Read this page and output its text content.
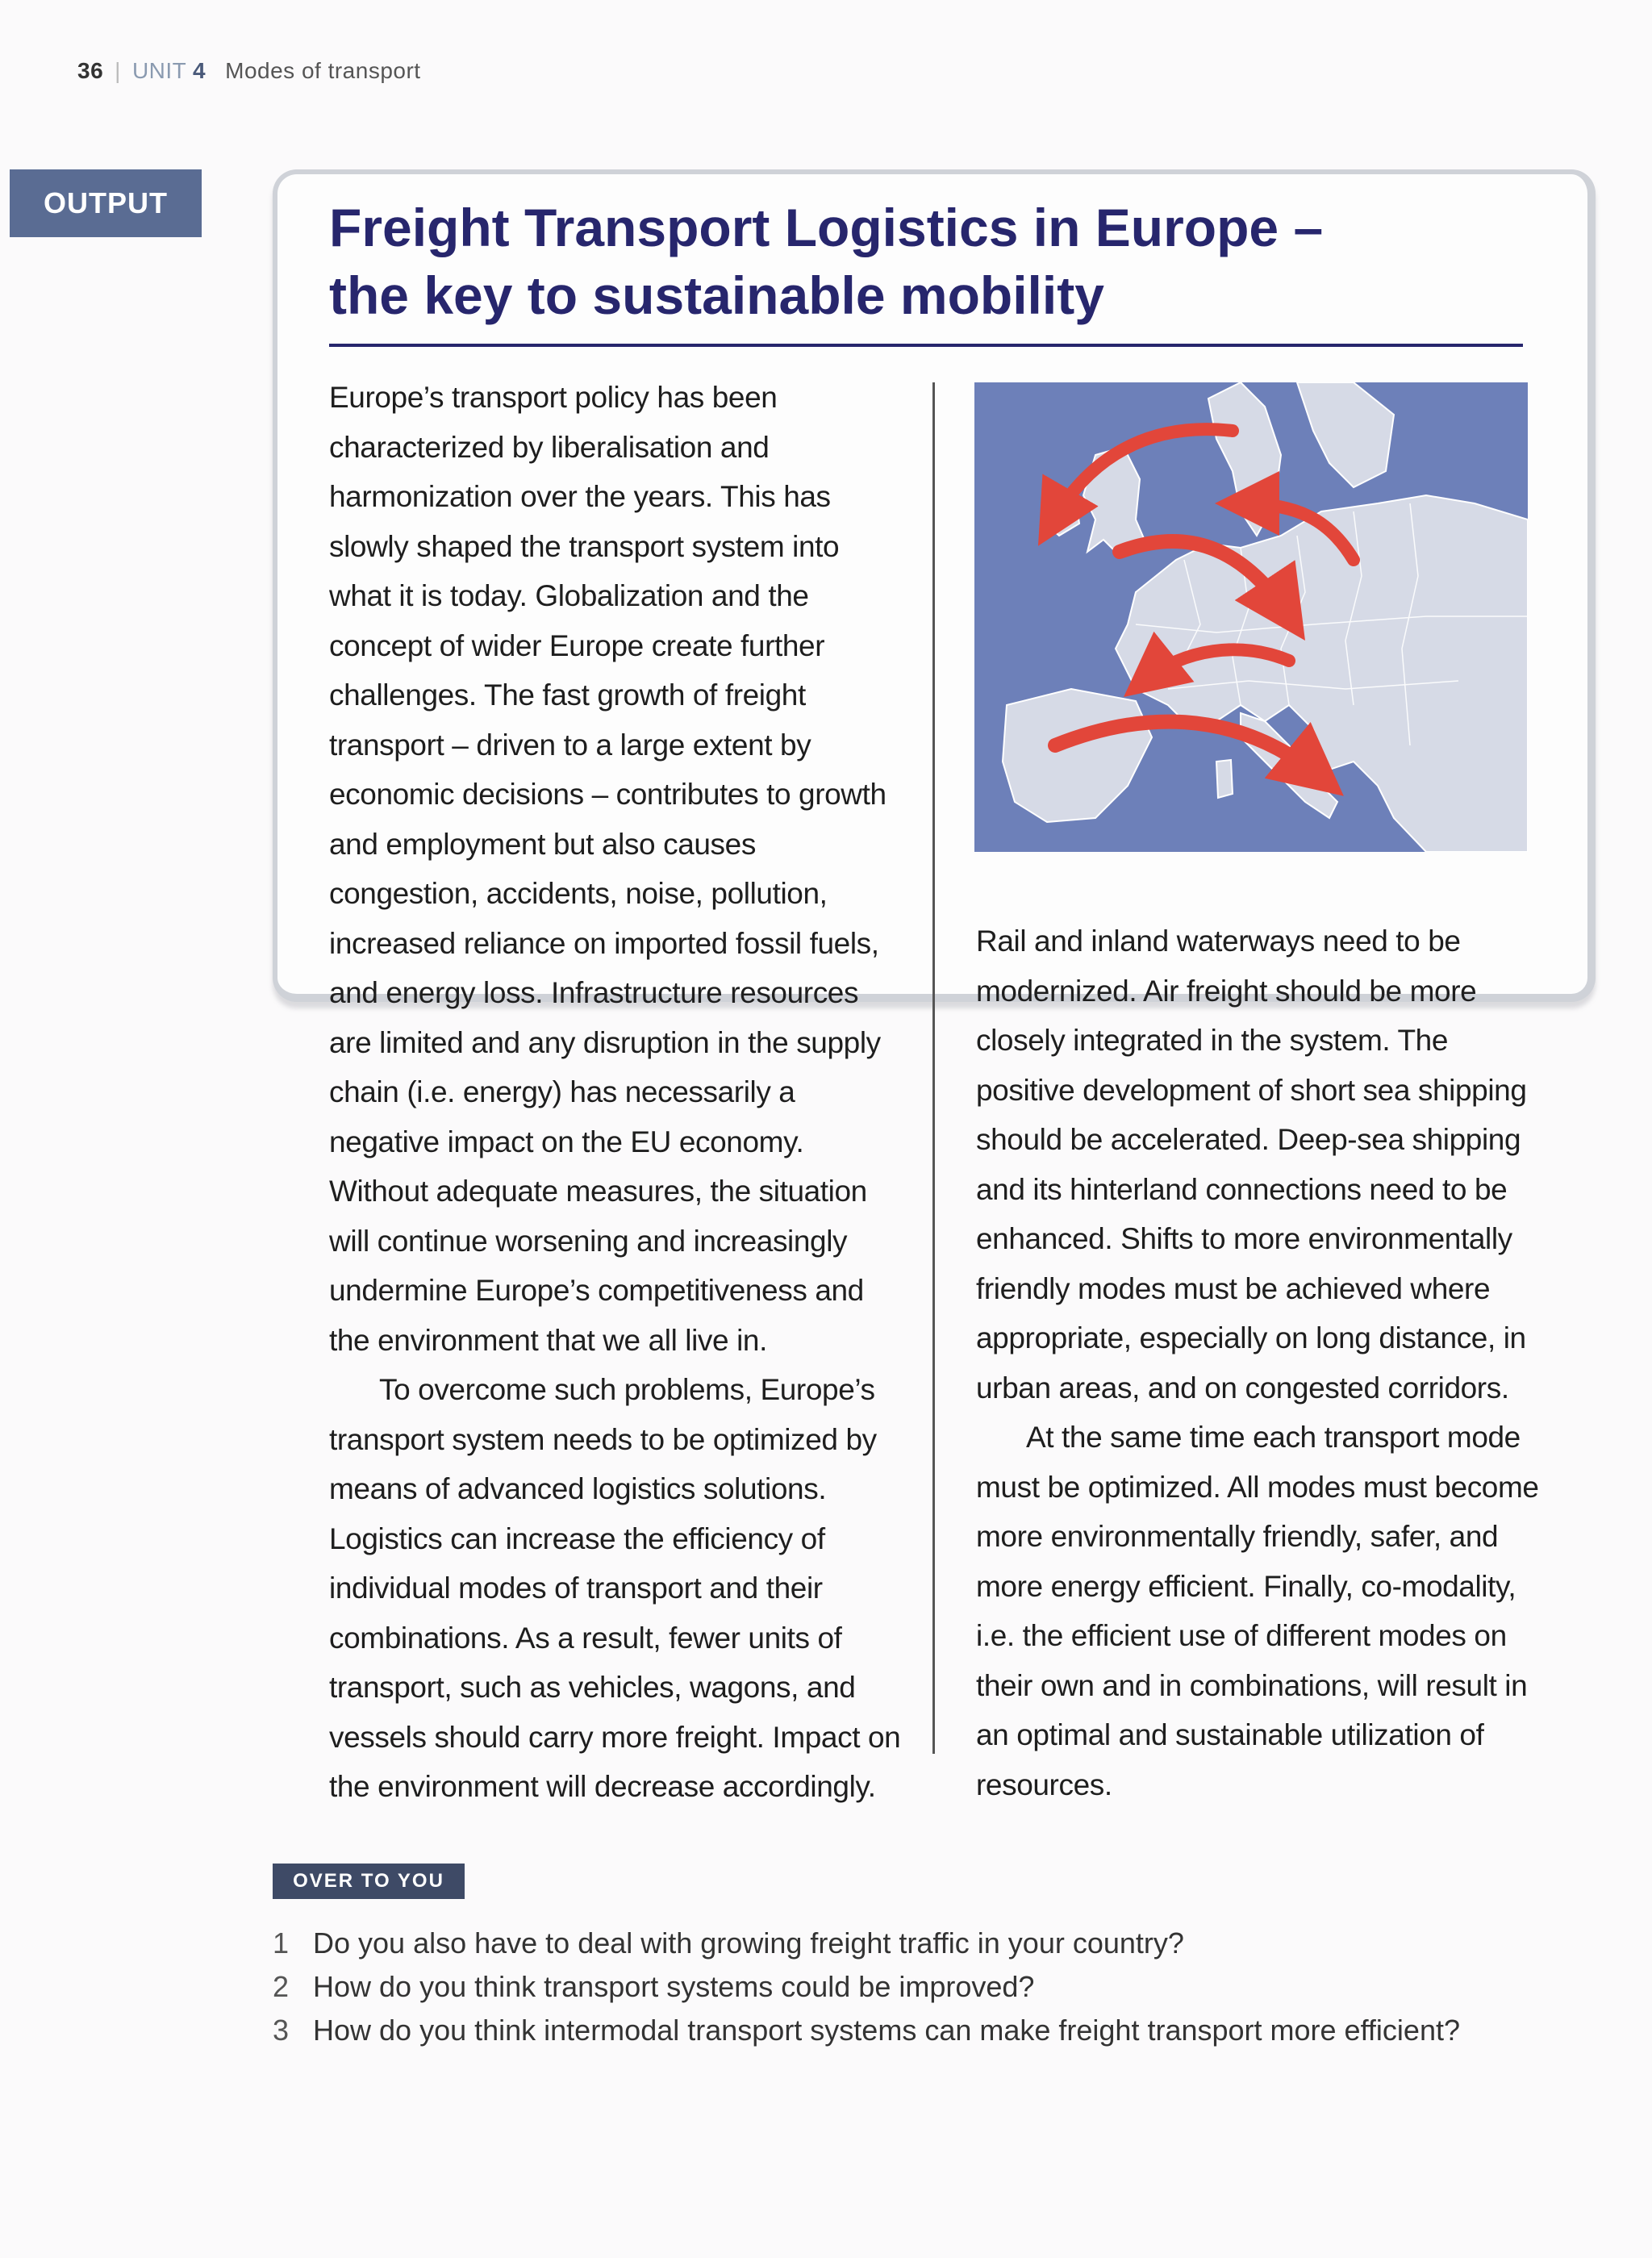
36 | UNIT 4 Modes of transport
OUTPUT	Freight Transport Logistics in Europe –
the key to sustainable mobility

Europe’s transport policy has been characterized by liberalisation and harmonization over the years. This has slowly shaped the transport system into what it is today. Globalization and the concept of wider Europe create further challenges. The fast growth of freight transport – driven to a large extent by economic decisions – contributes to growth and employment but also causes congestion, accidents, noise, pollution, increased reliance on imported fossil fuels, and energy loss. Infrastructure resources are limited and any disruption in the supply chain (i.e. energy) has necessarily a negative impact on the EU economy. Without adequate measures, the situation will continue worsening and increasingly undermine Europe’s competitiveness and the environment that we all live in.

To overcome such problems, Europe’s transport system needs to be optimized by means of advanced logistics solutions. Logistics can increase the efficiency of individual modes of transport and their combinations. As a result, fewer units of transport, such as vehicles, wagons, and vessels should carry more freight. Impact on the environment will decrease accordingly.

Rail and inland waterways need to be modernized. Air freight should be more closely integrated in the system. The positive development of short sea shipping should be accelerated. Deep-sea shipping and its hinterland connections need to be enhanced. Shifts to more environmentally friendly modes must be achieved where appropriate, especially on long distance, in urban areas, and on congested corridors.

At the same time each transport mode must be optimized. All modes must become more environmentally friendly, safer, and more energy efficient. Finally, co-modality, i.e. the efficient use of different modes on their own and in combinations, will result in an optimal and sustainable utilization of resources.

OVER TO YOU
1 Do you also have to deal with growing freight traffic in your country?
2 How do you think transport systems could be improved?
3 How do you think intermodal transport systems can make freight transport more efficient?
